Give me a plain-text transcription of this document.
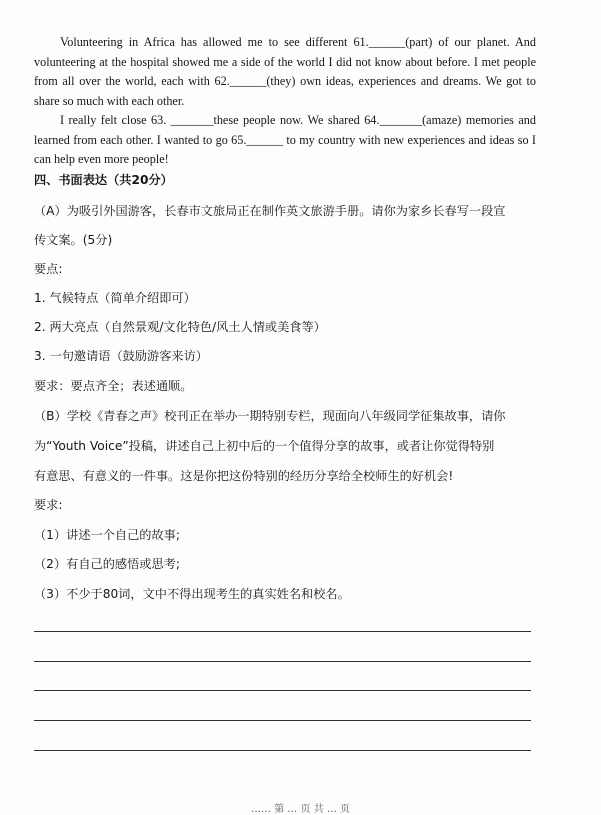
Volunteering in Africa has allowed me to see different 61.______(part) of our planet. And volunteering at the hospital showed me a side of the world I did not know about before. I met people from all over the world, each with 62.______(they) own ideas, experiences and dreams. We got to share so much with each other.

I really felt close 63. _______these people now. We shared 64._______(amaze) memories and learned from each other. I wanted to go 65.______ to my country with new experiences and ideas so I can help even more people!

四、书面表达（共20分）

（A）为吸引外国游客，长春市文旅局正在制作英文旅游手册。请你为家乡长春写一段宣

传文案。(5分)

要点:

1. 气候特点（简单介绍即可）

2. 两大亮点（自然景观/文化特色/风土人情或美食等）

3. 一句邀请语（鼓励游客来访）

要求：要点齐全；表述通顺。

（B）学校《青春之声》校刊正在举办一期特别专栏，现面向八年级同学征集故事，请你

为“Youth Voice”投稿，讲述自己上初中后的一个值得分享的故事，或者让你觉得特别

有意思、有意义的一件事。这是你把这份特别的经历分享给全校师生的好机会!

要求:

（1）讲述一个自己的故事;

（2）有自己的感悟或思考;

（3）不少于80词，文中不得出现考生的真实姓名和校名。

…… 第 … 页 共 … 页
